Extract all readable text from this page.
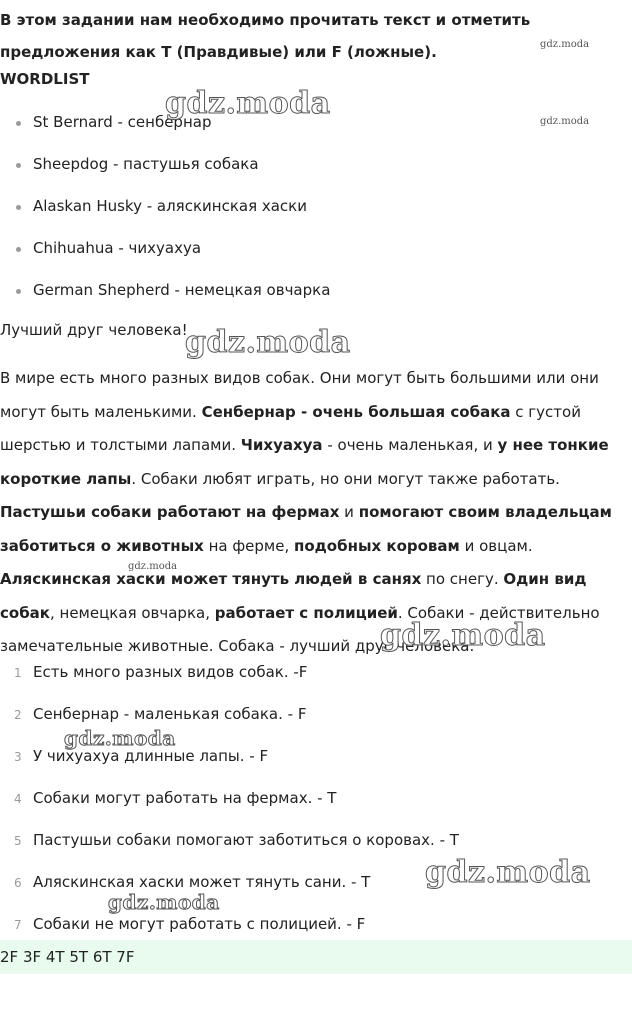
В этом задании нам необходимо прочитать текст и отметить предложения как T (Правдивые) или F (ложные).
WORDLIST
St Bernard - сенбернар
Sheepdog - пастушья собака
Alaskan Husky - аляскинская хаски
Chihuahua - чихуахуа
German Shepherd - немецкая овчарка
Лучший друг человека!

В мире есть много разных видов собак. Они могут быть большими или они могут быть маленькими. Сенбернар - очень большая собака с густой шерстью и толстыми лапами. Чихуахуа - очень маленькая, и у нее тонкие короткие лапы. Собаки любят играть, но они могут также работать. Пастушьи собаки работают на фермах и помогают своим владельцам заботиться о животных на ферме, подобных коровам и овцам. Аляскинская хаски может тянуть людей в санях по снегу. Один вид собак, немецкая овчарка, работает с полицией. Собаки - действительно замечательные животные. Собака - лучший друг человека.

1 Есть много разных видов собак. -F
2 Сенбернар - маленькая собака. - F
3 У чихуахуа длинные лапы. - F
4 Собаки могут работать на фермах. - T
5 Пастушьи собаки помогают заботиться о коровах. - T
6 Аляскинская хаски может тянуть сани. - T
7 Собаки не могут работать с полицией. - F
2F 3F 4T 5T 6T 7F
gdz.moda
gdz.moda
gdz.moda
gdz.moda
gdz.moda
gdz.moda
gdz.moda
gdz.moda
gdz.moda
